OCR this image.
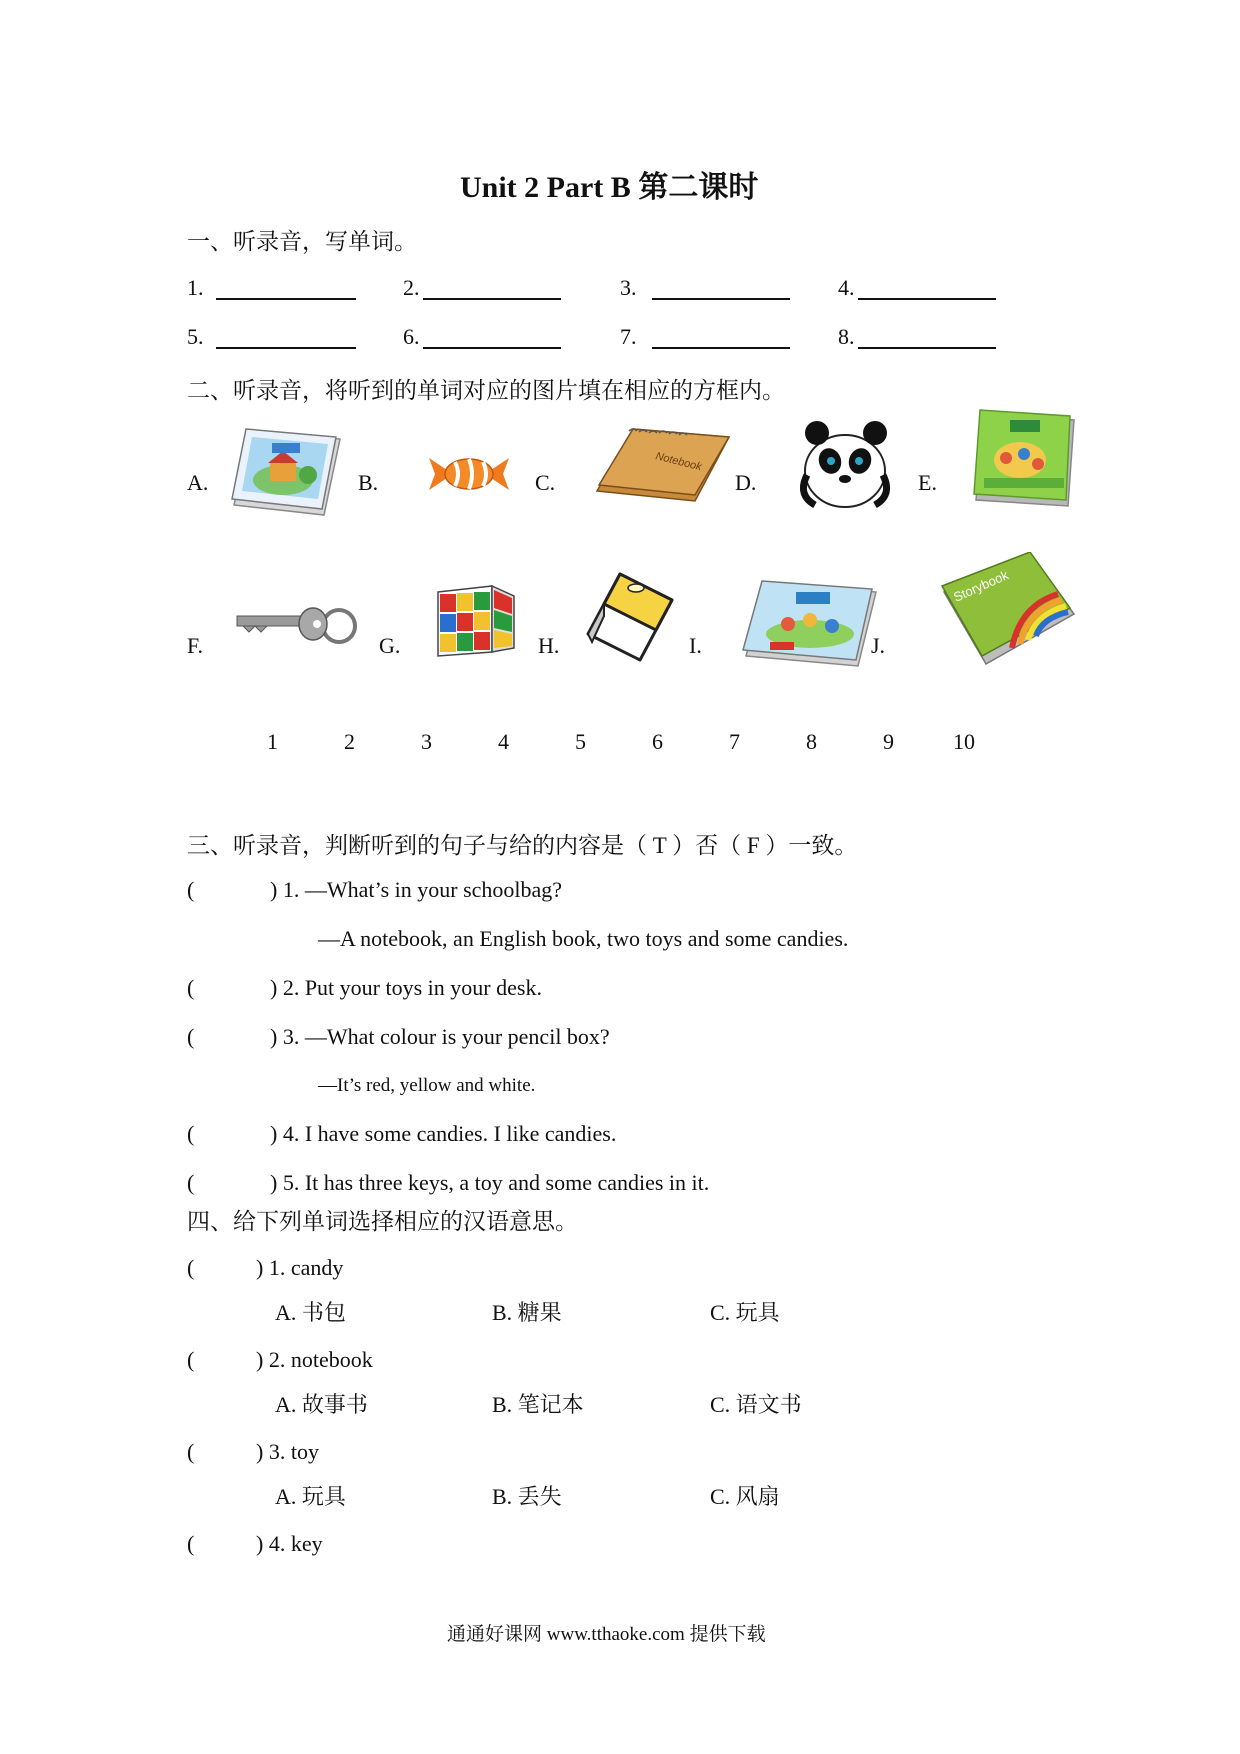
Unit 2 Part B 第二课时
一、听录音，写单词。
1.	2.	3.	4.
5.	6.	7.	8.
二、听录音，将听到的单词对应的图片填在相应的方框内。
A.	B.	C.	D.	E.
Notebook
F.	G.	H.	I.	J.
Storybook
1	2	3	4	5	6	7	8	9	10
三、听录音，判断听到的句子与给的内容是（ T ）否（ F ）一致。
(	) 1. —What’s in your schoolbag?
—A notebook, an English book, two toys and some candies.
(	) 2. Put your toys in your desk.
(	) 3. —What colour is your pencil box?
—It’s red, yellow and white.
(	) 4. I have some candies. I like candies.
(	) 5. It has three keys, a toy and some candies in it.
四、给下列单词选择相应的汉语意思。
(	) 1. candy
A. 书包	B. 糖果	C. 玩具
(	) 2. notebook
A. 故事书	B. 笔记本	C. 语文书
(	) 3. toy
A. 玩具	B. 丢失	C. 风扇
(	) 4. key
通通好课网 www.tthaoke.com 提供下载
